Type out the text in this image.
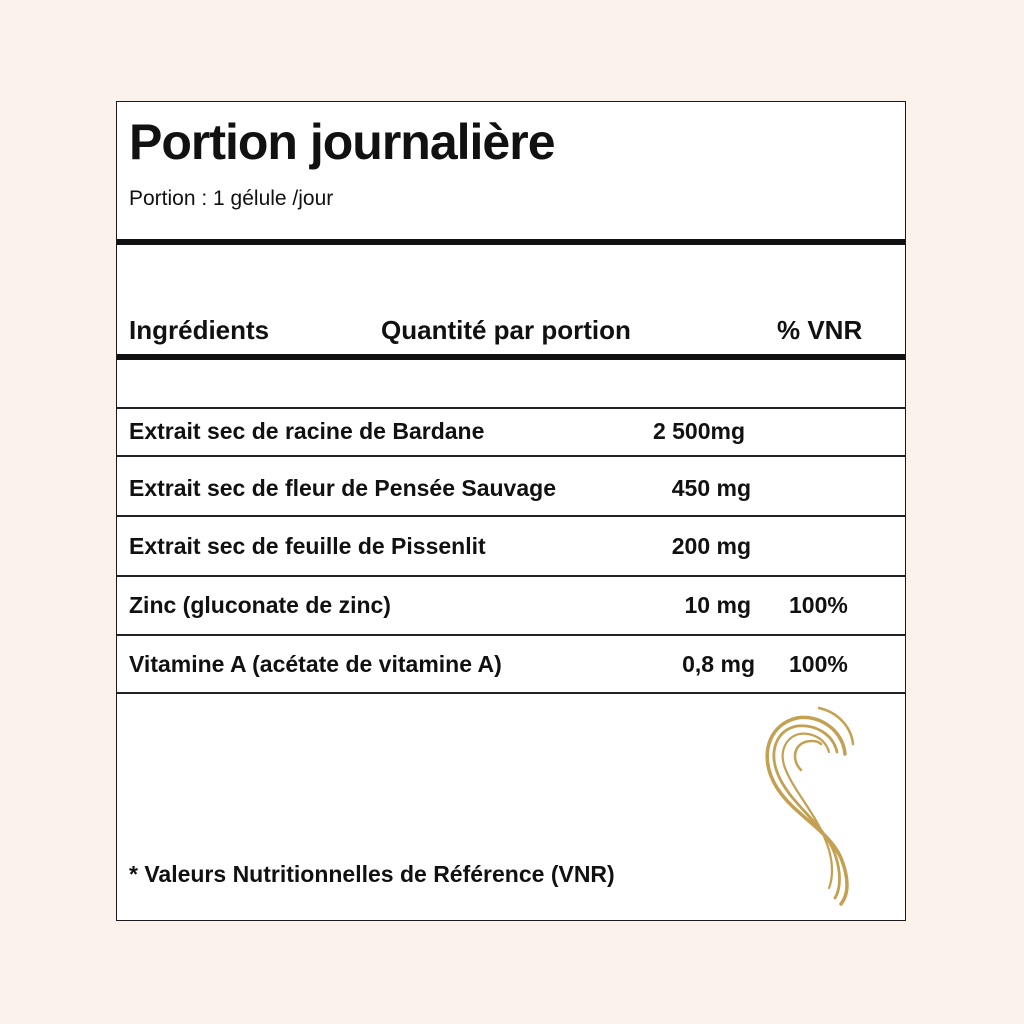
Portion journalière
Portion : 1 gélule /jour
Ingrédients	Quantité par portion	% VNR
Extrait sec de racine de Bardane	2 500mg
Extrait sec de fleur de Pensée Sauvage	450 mg
Extrait sec de feuille de Pissenlit	200 mg
Zinc (gluconate de zinc)	10 mg 100%
Vitamine A (acétate de vitamine A)	0,8 mg 100%
* Valeurs Nutritionnelles de Référence (VNR)
